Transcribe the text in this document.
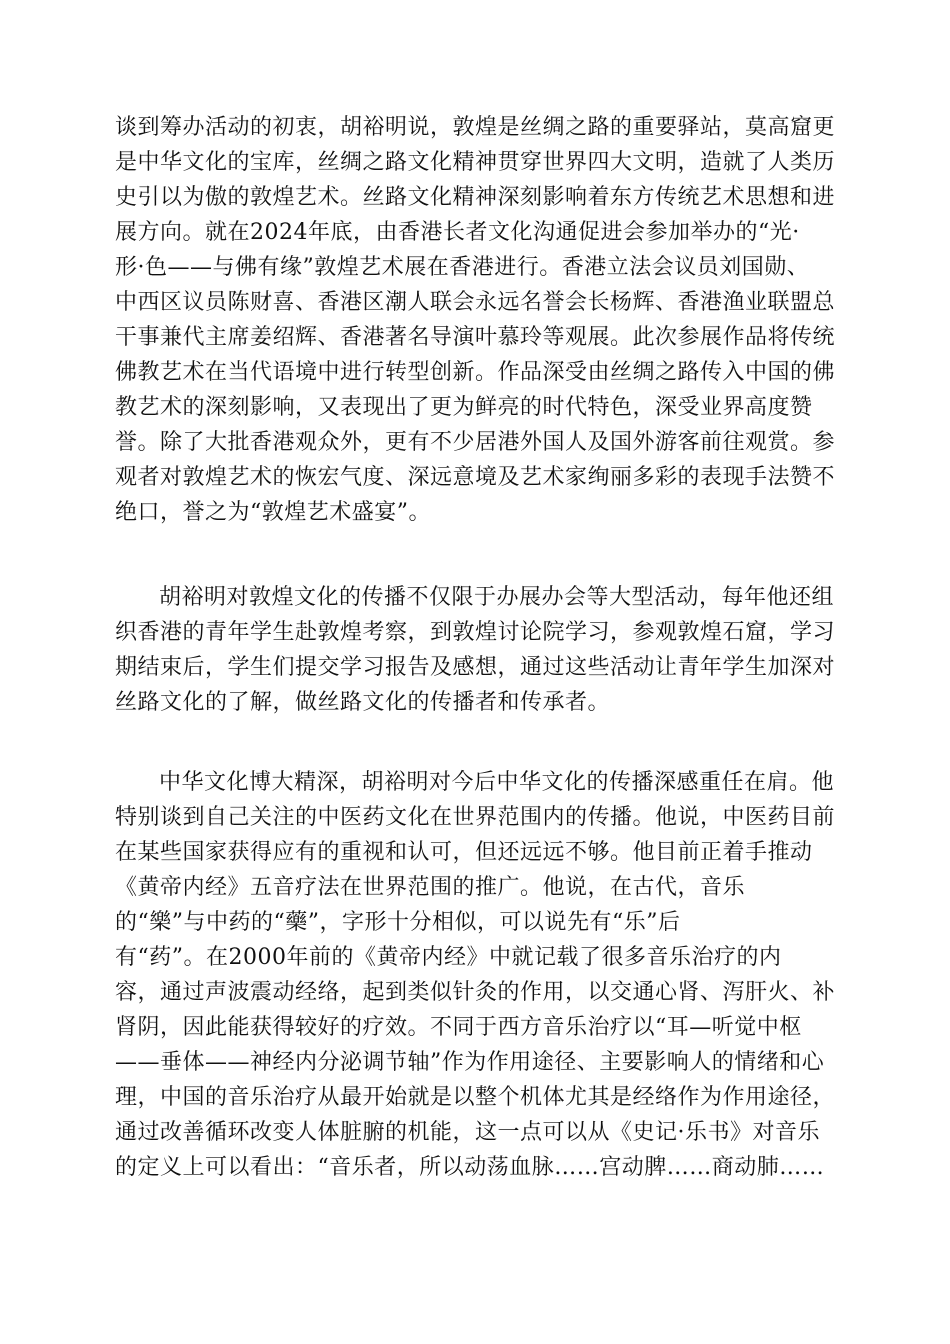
谈到筹办活动的初衷，胡裕明说，敦煌是丝绸之路的重要驿站，莫高窟更
是中华文化的宝库，丝绸之路文化精神贯穿世界四大文明，造就了人类历
史引以为傲的敦煌艺术。丝路文化精神深刻影响着东方传统艺术思想和进
展方向。就在2024年底，由香港长者文化沟通促进会参加举办的“光·
形·色——与佛有缘”敦煌艺术展在香港进行。香港立法会议员刘国勋、
中西区议员陈财喜、香港区潮人联会永远名誉会长杨辉、香港渔业联盟总
干事兼代主席姜绍辉、香港著名导演叶慕玲等观展。此次参展作品将传统
佛教艺术在当代语境中进行转型创新。作品深受由丝绸之路传入中国的佛
教艺术的深刻影响，又表现出了更为鲜亮的时代特色，深受业界高度赞
誉。除了大批香港观众外，更有不少居港外国人及国外游客前往观赏。参
观者对敦煌艺术的恢宏气度、深远意境及艺术家绚丽多彩的表现手法赞不
绝口，誉之为“敦煌艺术盛宴”。
胡裕明对敦煌文化的传播不仅限于办展办会等大型活动，每年他还组
织香港的青年学生赴敦煌考察，到敦煌讨论院学习，参观敦煌石窟，学习
期结束后，学生们提交学习报告及感想，通过这些活动让青年学生加深对
丝路文化的了解，做丝路文化的传播者和传承者。
中华文化博大精深，胡裕明对今后中华文化的传播深感重任在肩。他
特别谈到自己关注的中医药文化在世界范围内的传播。他说，中医药目前
在某些国家获得应有的重视和认可，但还远远不够。他目前正着手推动
《黄帝内经》五音疗法在世界范围的推广。他说，在古代，音乐
的“樂”与中药的“藥”，字形十分相似，可以说先有“乐”后
有“药”。在2000年前的《黄帝内经》中就记载了很多音乐治疗的内
容，通过声波震动经络，起到类似针灸的作用，以交通心肾、泻肝火、补
肾阴，因此能获得较好的疗效。不同于西方音乐治疗以“耳—听觉中枢
——垂体——神经内分泌调节轴”作为作用途径、主要影响人的情绪和心
理，中国的音乐治疗从最开始就是以整个机体尤其是经络作为作用途径，
通过改善循环改变人体脏腑的机能，这一点可以从《史记·乐书》对音乐
的定义上可以看出：“音乐者，所以动荡血脉……宫动脾……商动肺……
